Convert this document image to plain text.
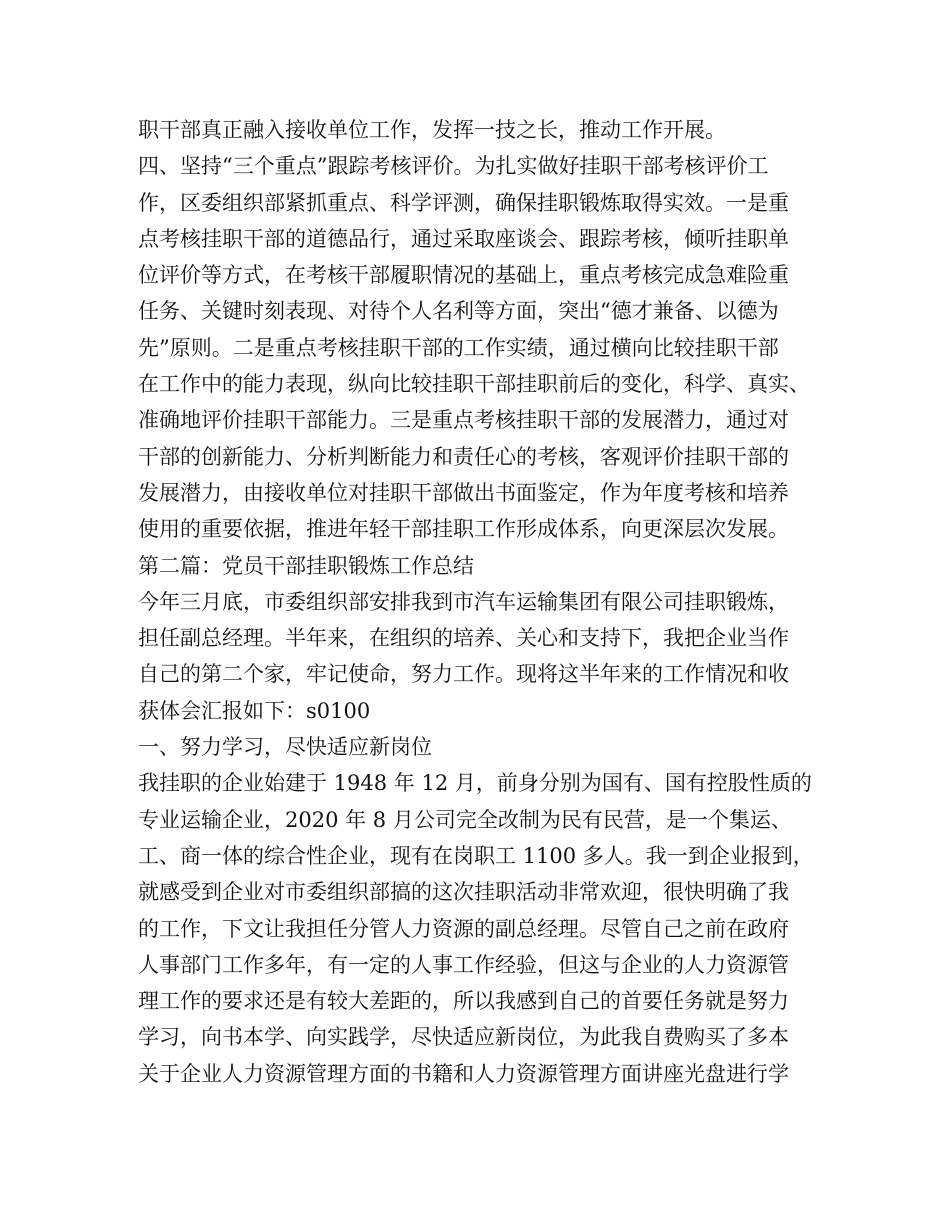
职干部真正融入接收单位工作，发挥一技之长，推动工作开展。
四、坚持“三个重点”跟踪考核评价。为扎实做好挂职干部考核评价工
作，区委组织部紧抓重点、科学评测，确保挂职锻炼取得实效。一是重
点考核挂职干部的道德品行，通过采取座谈会、跟踪考核，倾听挂职单
位评价等方式，在考核干部履职情况的基础上，重点考核完成急难险重
任务、关键时刻表现、对待个人名利等方面，突出“德才兼备、以德为
先”原则。二是重点考核挂职干部的工作实绩，通过横向比较挂职干部
在工作中的能力表现，纵向比较挂职干部挂职前后的变化，科学、真实、
准确地评价挂职干部能力。三是重点考核挂职干部的发展潜力，通过对
干部的创新能力、分析判断能力和责任心的考核，客观评价挂职干部的
发展潜力，由接收单位对挂职干部做出书面鉴定，作为年度考核和培养
使用的重要依据，推进年轻干部挂职工作形成体系，向更深层次发展。
第二篇：党员干部挂职锻炼工作总结
今年三月底，市委组织部安排我到市汽车运输集团有限公司挂职锻炼，
担任副总经理。半年来，在组织的培养、关心和支持下，我把企业当作
自己的第二个家，牢记使命，努力工作。现将这半年来的工作情况和收
获体会汇报如下：s0100
一、努力学习，尽快适应新岗位
我挂职的企业始建于 1948 年 12 月，前身分别为国有、国有控股性质的
专业运输企业，2020 年 8 月公司完全改制为民有民营，是一个集运、
工、商一体的综合性企业，现有在岗职工 1100 多人。我一到企业报到，
就感受到企业对市委组织部搞的这次挂职活动非常欢迎，很快明确了我
的工作，下文让我担任分管人力资源的副总经理。尽管自己之前在政府
人事部门工作多年，有一定的人事工作经验，但这与企业的人力资源管
理工作的要求还是有较大差距的，所以我感到自己的首要任务就是努力
学习，向书本学、向实践学，尽快适应新岗位，为此我自费购买了多本
关于企业人力资源管理方面的书籍和人力资源管理方面讲座光盘进行学
